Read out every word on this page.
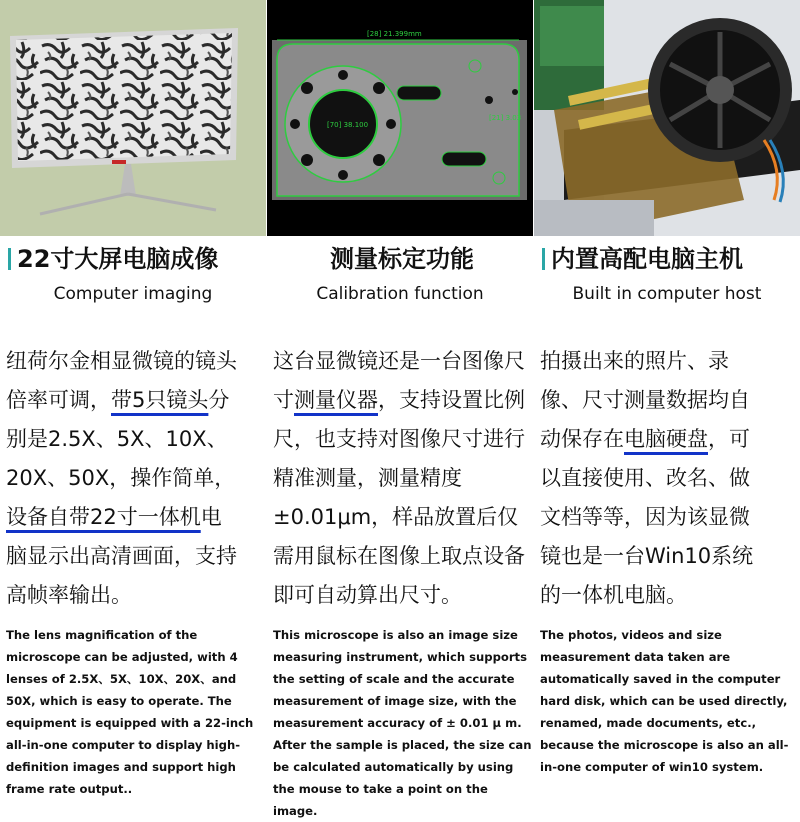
22寸大屏电脑成像
Computer imaging

纽荷尔金相显微镜的镜头倍率可调，带5只镜头分别是2.5X、5X、10X、20X、50X，操作简单，设备自带22寸一体机电脑显示出高清画面，支持高帧率输出。

The lens magnification of the microscope can be adjusted, with 4 lenses of 2.5X、5X、10X、20X、and 50X, which is easy to operate. The equipment is equipped with a 22-inch all-in-one computer to display high-definition images and support high frame rate output..
[28] 21.399mm
[70] 38.100
[21] 3.03
测量标定功能
Calibration function

这台显微镜还是一台图像尺寸测量仪器，支持设置比例尺，也支持对图像尺寸进行精准测量，测量精度±0.01μm，样品放置后仅需用鼠标在图像上取点设备即可自动算出尺寸。

This microscope is also an image size measuring instrument, which supports the setting of scale and the accurate measurement of image size, with the measurement accuracy of ± 0.01 μ m. After the sample is placed, the size can be calculated automatically by using the mouse to take a point on the image.
内置高配电脑主机
Built in computer host

拍摄出来的照片、录像、尺寸测量数据均自动保存在电脑硬盘，可以直接使用、改名、做文档等等，因为该显微镜也是一台Win10系统的一体机电脑。

The photos, videos and size measurement data taken are automatically saved in the computer hard disk, which can be used directly, renamed, made documents, etc., because the microscope is also an all-in-one computer of win10 system.
